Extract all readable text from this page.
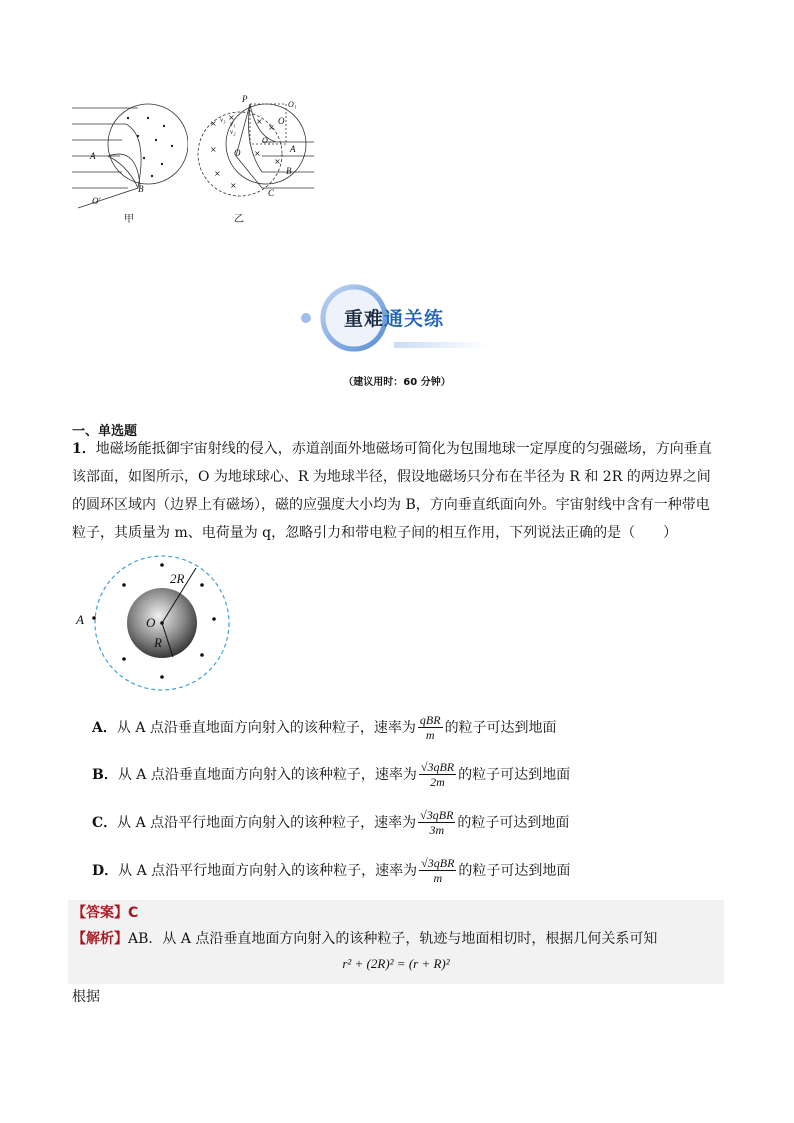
A
B
O'
甲
×
×
×
×
×
×
×
×
×
P
O₁
O
O₂
A
B
C
O
v₁
v₂
v₃
乙
重难通关练
（建议用时：60 分钟）
一、单选题
1．地磁场能抵御宇宙射线的侵入，赤道剖面外地磁场可简化为包围地球一定厚度的匀强磁场，方向垂直该部面，如图所示，O 为地球球心、R 为地球半径，假设地磁场只分布在半径为 R 和 2R 的两边界之间的圆环区域内（边界上有磁场），磁的应强度大小均为 B，方向垂直纸面向外。宇宙射线中含有一种带电粒子，其质量为 m、电荷量为 q，忽略引力和带电粒子间的相互作用，下列说法正确的是（　　）
A	O
R
2R
A． 从 A 点沿垂直地面方向射入的该种粒子，速率为 $\frac{\text{qBR}}{m}$ 的粒子可达到地面
B． 从 A 点沿垂直地面方向射入的该种粒子，速率为 $\frac{\text{√3qBR}}{2m}$ 的粒子可达到地面
C． 从 A 点沿平行地面方向射入的该种粒子，速率为 $\frac{\text{√3qBR}}{3m}$ 的粒子可达到地面
D． 从 A 点沿平行地面方向射入的该种粒子，速率为 $\frac{\text{√3qBR}}{m}$ 的粒子可达到地面
【答案】C
【解析】AB．从 A 点沿垂直地面方向射入的该种粒子，轨迹与地面相切时，根据几何关系可知
r² + (2R)² = (r + R)²
根据
